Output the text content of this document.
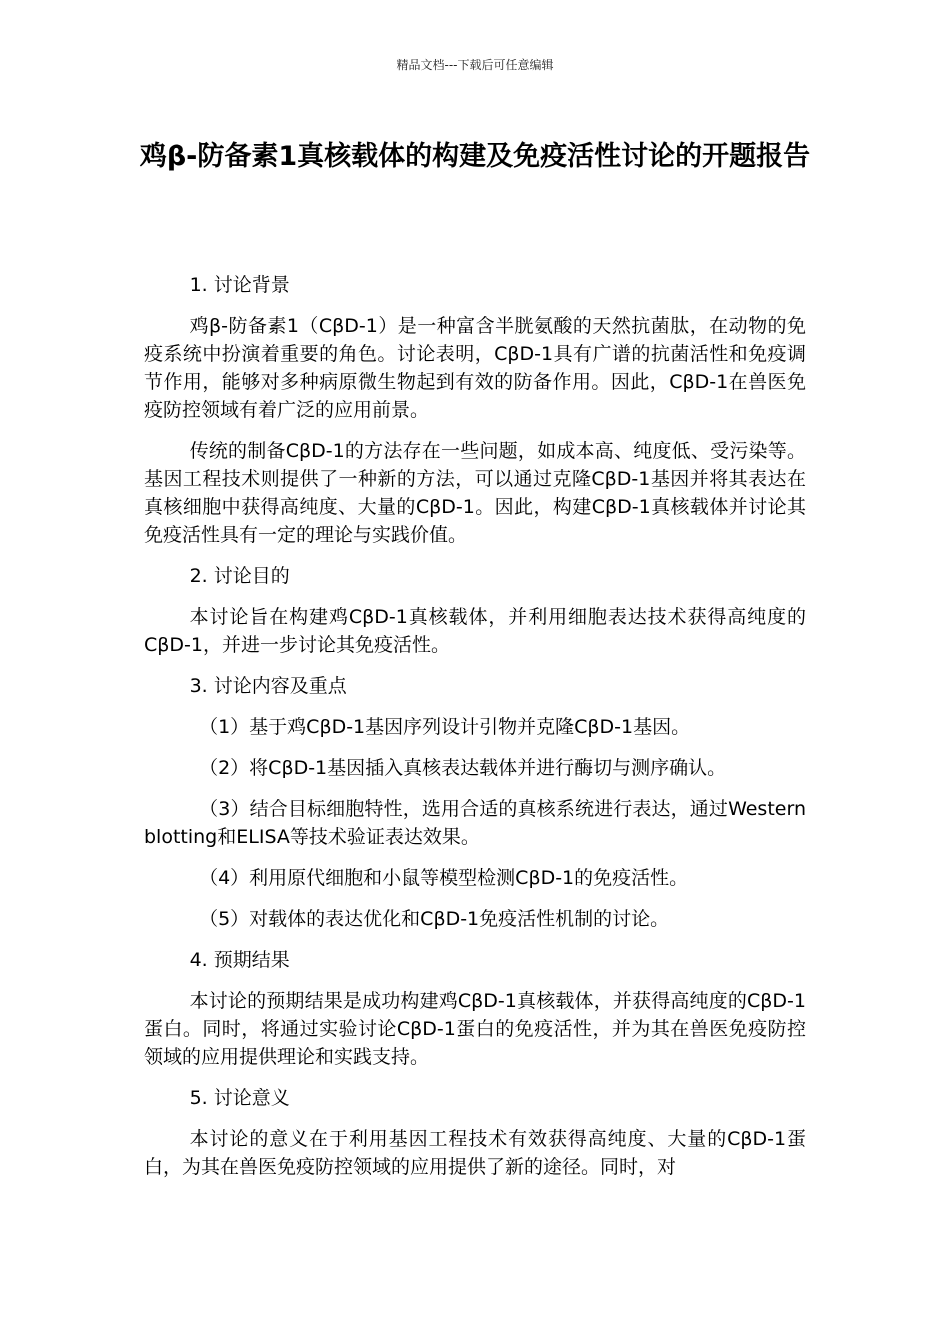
精品文档---下载后可任意编辑
鸡β-防备素1真核载体的构建及免疫活性讨论的开题报告

1. 讨论背景

鸡β-防备素1（CβD-1）是一种富含半胱氨酸的天然抗菌肽，在动物的免疫系统中扮演着重要的角色。讨论表明，CβD-1具有广谱的抗菌活性和免疫调节作用，能够对多种病原微生物起到有效的防备作用。因此，CβD-1在兽医免疫防控领域有着广泛的应用前景。

传统的制备CβD-1的方法存在一些问题，如成本高、纯度低、受污染等。基因工程技术则提供了一种新的方法，可以通过克隆CβD-1基因并将其表达在真核细胞中获得高纯度、大量的CβD-1。因此，构建CβD-1真核载体并讨论其免疫活性具有一定的理论与实践价值。

2. 讨论目的

本讨论旨在构建鸡CβD-1真核载体，并利用细胞表达技术获得高纯度的CβD-1，并进一步讨论其免疫活性。

3. 讨论内容及重点

（1）基于鸡CβD-1基因序列设计引物并克隆CβD-1基因。

（2）将CβD-1基因插入真核表达载体并进行酶切与测序确认。

（3）结合目标细胞特性，选用合适的真核系统进行表达，通过Western blotting和ELISA等技术验证表达效果。

（4）利用原代细胞和小鼠等模型检测CβD-1的免疫活性。

（5）对载体的表达优化和CβD-1免疫活性机制的讨论。

4. 预期结果

本讨论的预期结果是成功构建鸡CβD-1真核载体，并获得高纯度的CβD-1蛋白。同时，将通过实验讨论CβD-1蛋白的免疫活性，并为其在兽医免疫防控领域的应用提供理论和实践支持。

5. 讨论意义

本讨论的意义在于利用基因工程技术有效获得高纯度、大量的CβD-1蛋白，为其在兽医免疫防控领域的应用提供了新的途径。同时，对
